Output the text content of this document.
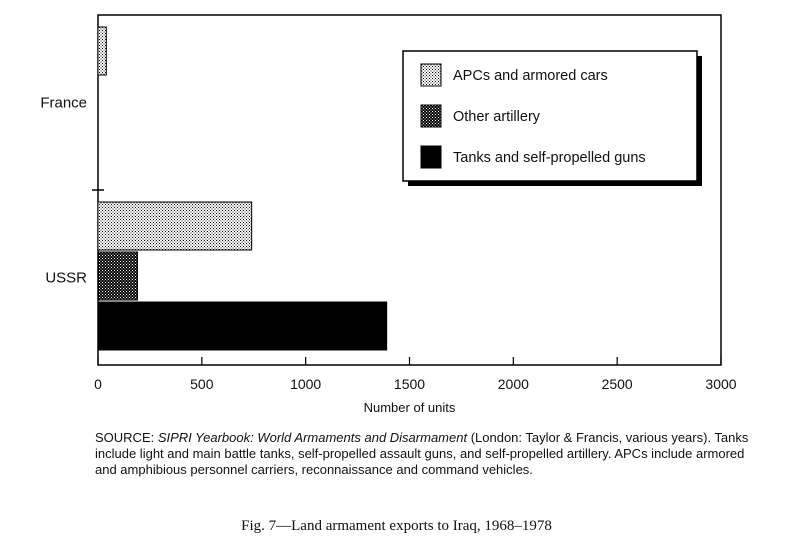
0	500	1000	1500	2000	2500	3000
France
USSR
Number of units
APCs and armored cars
Other artillery
Tanks and self-propelled guns
SOURCE: SIPRI Yearbook: World Armaments and Disarmament (London: Taylor & Francis, various years). Tanks include light and main battle tanks, self-propelled assault guns, and self-propelled artillery. APCs include armored and amphibious personnel carriers, reconnaissance and command vehicles.
Fig. 7—Land armament exports to Iraq, 1968–1978
